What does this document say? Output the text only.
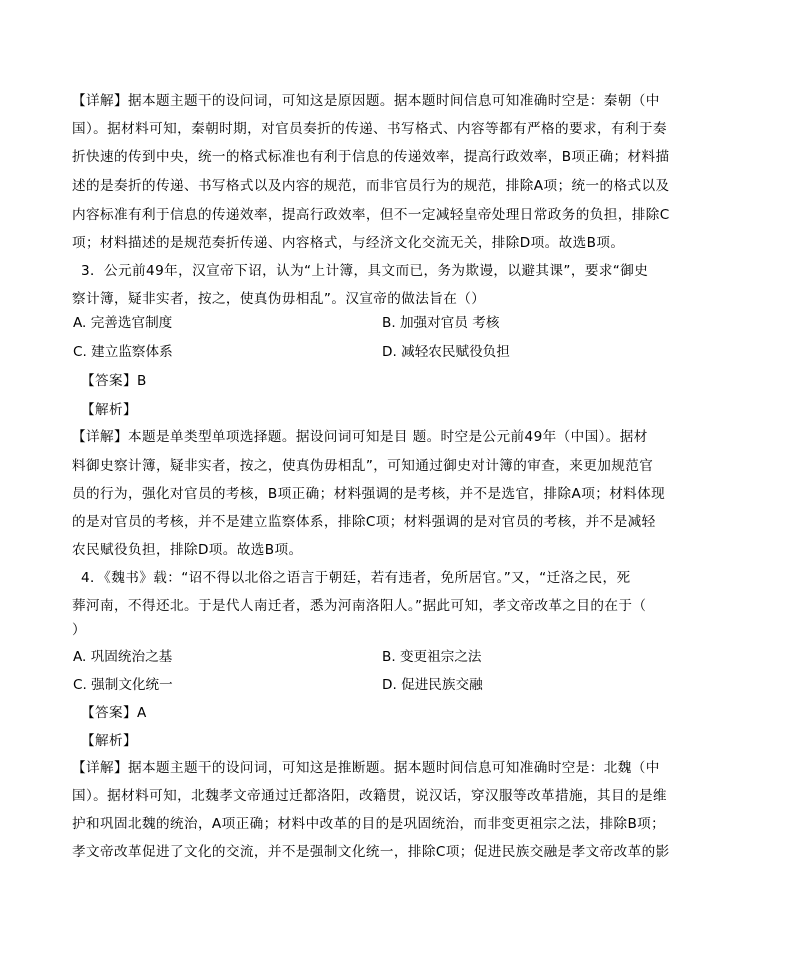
【详解】据本题主题干的设问词，可知这是原因题。据本题时间信息可知准确时空是：秦朝（中
国）。据材料可知，秦朝时期，对官员奏折的传递、书写格式、内容等都有严格的要求，有利于奏
折快速的传到中央，统一的格式标准也有利于信息的传递效率，提高行政效率，B项正确；材料描
述的是奏折的传递、书写格式以及内容的规范，而非官员行为的规范，排除A项；统一的格式以及
内容标准有利于信息的传递效率，提高行政效率，但不一定减轻皇帝处理日常政务的负担，排除C
项；材料描述的是规范奏折传递、内容格式，与经济文化交流无关，排除D项。故选B项。
3．公元前49年，汉宣帝下诏，认为“上计簿，具文而已，务为欺谩，以避其课”，要求“御史
察计簿，疑非实者，按之，使真伪毋相乱”。汉宣帝的做法旨在（）
A. 完善选官制度	B. 加强对官员 考核
C. 建立监察体系	D. 减轻农民赋役负担
【答案】B
【解析】
【详解】本题是单类型单项选择题。据设问词可知是目 题。时空是公元前49年（中国）。据材
料御史察计簿，疑非实者，按之，使真伪毋相乱”，可知通过御史对计簿的审查，来更加规范官
员的行为，强化对官员的考核，B项正确；材料强调的是考核，并不是选官，排除A项；材料体现
的是对官员的考核，并不是建立监察体系，排除C项；材料强调的是对官员的考核，并不是减轻
农民赋役负担，排除D项。故选B项。
4．《魏书》载：“诏不得以北俗之语言于朝廷，若有违者，免所居官。”又，“迁洛之民，死
葬河南，不得还北。于是代人南迁者，悉为河南洛阳人。”据此可知，孝文帝改革之目的在于（
）
A. 巩固统治之基	B. 变更祖宗之法
C. 强制文化统一	D. 促进民族交融
【答案】A
【解析】
【详解】据本题主题干的设问词，可知这是推断题。据本题时间信息可知准确时空是：北魏（中
国）。据材料可知，北魏孝文帝通过迁都洛阳，改籍贯，说汉话，穿汉服等改革措施，其目的是维
护和巩固北魏的统治，A项正确；材料中改革的目的是巩固统治，而非变更祖宗之法，排除B项；
孝文帝改革促进了文化的交流，并不是强制文化统一，排除C项；促进民族交融是孝文帝改革的影
